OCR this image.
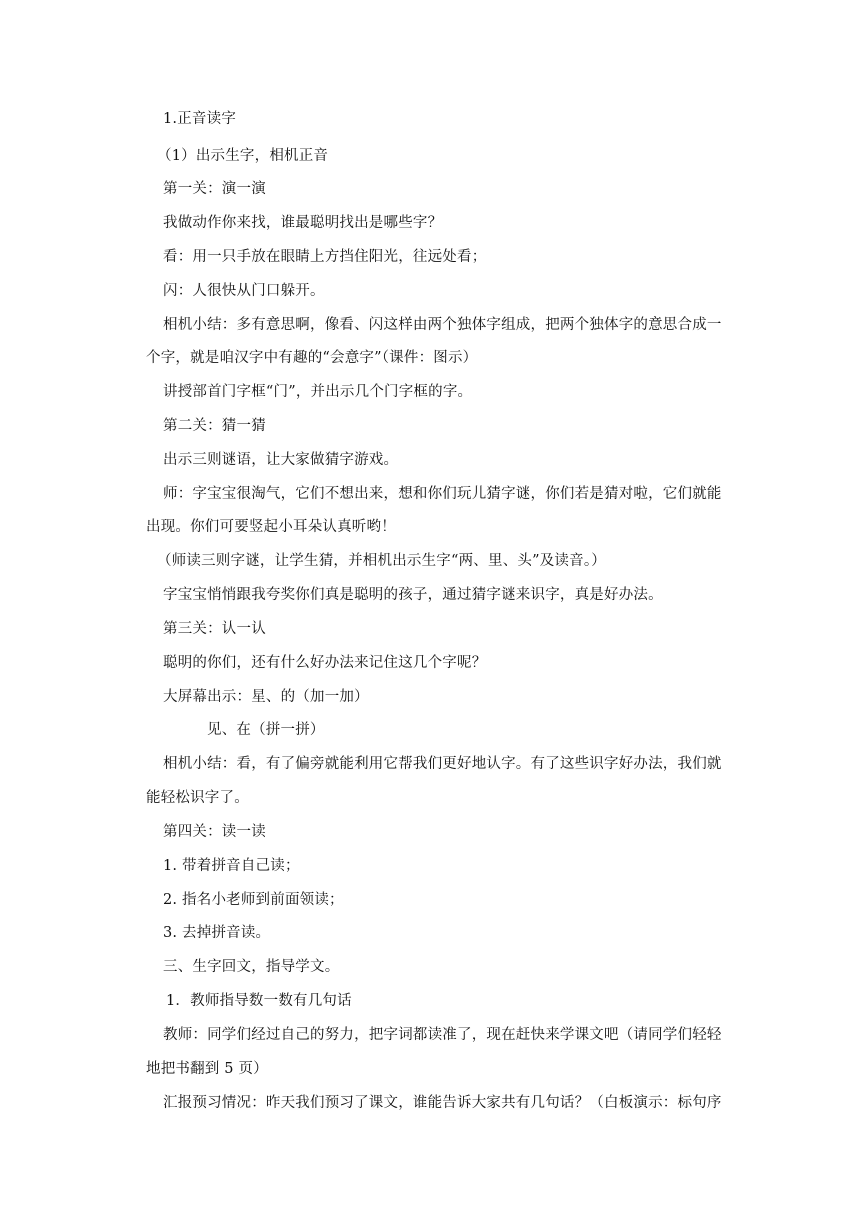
1.正音读字
（1）出示生字，相机正音
第一关：演一演
我做动作你来找，谁最聪明找出是哪些字？
看：用一只手放在眼睛上方挡住阳光，往远处看；
闪：人很快从门口躲开。
相机小结：多有意思啊，像看、闪这样由两个独体字组成，把两个独体字的意思合成一
个字，就是咱汉字中有趣的“会意字”（课件：图示）
讲授部首门字框“门”，并出示几个门字框的字。
第二关：猜一猜
出示三则谜语，让大家做猜字游戏。
师：字宝宝很淘气，它们不想出来，想和你们玩儿猜字谜，你们若是猜对啦，它们就能
出现。你们可要竖起小耳朵认真听哟！
（师读三则字谜，让学生猜，并相机出示生字“两、里、头”及读音。）
字宝宝悄悄跟我夸奖你们真是聪明的孩子，通过猜字谜来识字，真是好办法。
第三关：认一认
聪明的你们，还有什么好办法来记住这几个字呢？
大屏幕出示：星、的（加一加）
见、在（拼一拼）
相机小结：看，有了偏旁就能利用它帮我们更好地认字。有了这些识字好办法，我们就
能轻松识字了。
第四关：读一读
1. 带着拼音自己读；
2. 指名小老师到前面领读；
3. 去掉拼音读。
三、生字回文，指导学文。
1．教师指导数一数有几句话
教师：同学们经过自己的努力，把字词都读准了，现在赶快来学课文吧（请同学们轻轻
地把书翻到 5 页）
汇报预习情况：昨天我们预习了课文，谁能告诉大家共有几句话？（白板演示：标句序
